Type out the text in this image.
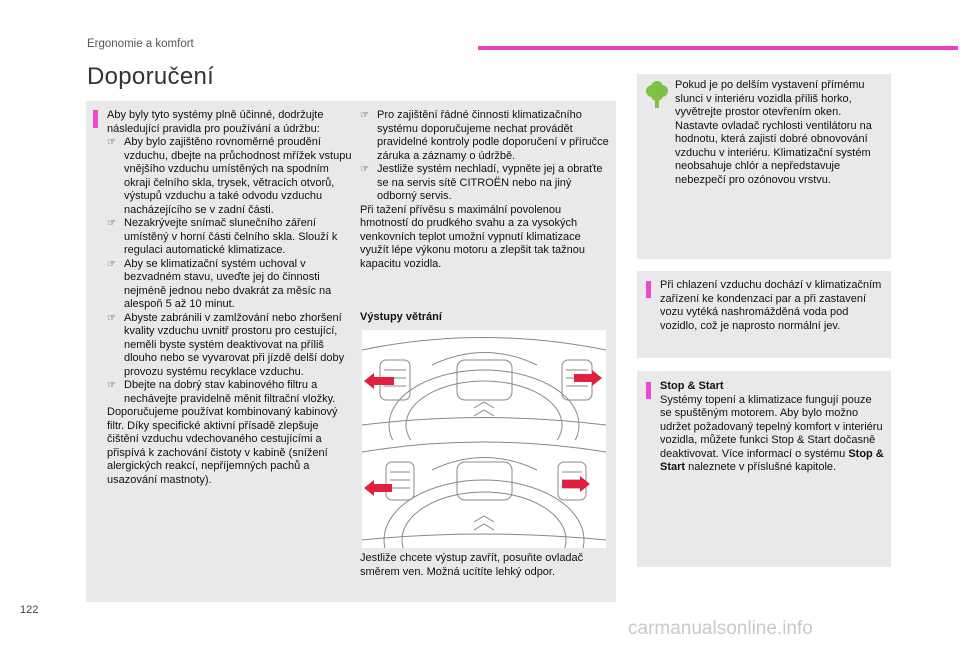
Ergonomie a komfort
Doporučení

Aby byly tyto systémy plně účinné, dodržujte následující pravidla pro používání a údržbu:

☞ Aby bylo zajištěno rovnoměrné proudění vzduchu, dbejte na průchodnost mřížek vstupu vnějšího vzduchu umístěných na spodním okraji čelního skla, trysek, větracích otvorů, výstupů vzduchu a také odvodu vzduchu nacházejícího se v zadní části.

☞ Nezakrývejte snímač slunečního záření umístěný v horní části čelního skla. Slouží k regulaci automatické klimatizace.

☞ Aby se klimatizační systém uchoval v bezvadném stavu, uveďte jej do činnosti nejméně jednou nebo dvakrát za měsíc na alespoň 5 až 10 minut.

☞ Abyste zabránili v zamlžování nebo zhoršení kvality vzduchu uvnitř prostoru pro cestující, neměli byste systém deaktivovat na příliš dlouho nebo se vyvarovat při jízdě delší doby provozu systému recyklace vzduchu.

☞ Dbejte na dobrý stav kabinového filtru a nechávejte pravidelně měnit filtrační vložky.

Doporučujeme používat kombinovaný kabinový filtr. Díky specifické aktivní přísadě zlepšuje čištění vzduchu vdechovaného cestujícími a přispívá k zachování čistoty v kabině (snížení alergických reakcí, nepříjemných pachů a usazování mastnoty).

☞ Pro zajištění řádné činnosti klimatizačního systému doporučujeme nechat provádět pravidelné kontroly podle doporučení v příručce záruka a záznamy o údržbě.

☞ Jestliže systém nechladí, vypněte jej a obraťte se na servis sítě CITROËN nebo na jiný odborný servis.

Při tažení přívěsu s maximální povolenou hmotností do prudkého svahu a za vysokých venkovních teplot umožní vypnutí klimatizace využít lépe výkonu motoru a zlepšit tak tažnou kapacitu vozidla.

Výstupy větrání
Jestliže chcete výstup zavřít, posuňte ovladač směrem ven. Možná ucítíte lehký odpor.
Pokud je po delším vystavení přímému slunci v interiéru vozidla příliš horko, vyvětrejte prostor otevřením oken. Nastavte ovladač rychlosti ventilátoru na hodnotu, která zajistí dobré obnovování vzduchu v interiéru. Klimatizační systém neobsahuje chlór a nepředstavuje nebezpečí pro ozónovou vrstvu.
Při chlazení vzduchu dochází v klimatizačním zařízení ke kondenzaci par a při zastavení vozu vytéká nashromážděná voda pod vozidlo, což je naprosto normální jev.

Stop & Start

Systémy topení a klimatizace fungují pouze se spuštěným motorem. Aby bylo možno udržet požadovaný tepelný komfort v interiéru vozidla, můžete funkci Stop & Start dočasně deaktivovat. Více informací o systému Stop & Start naleznete v příslušné kapitole.

122
carmanualsonline.info
